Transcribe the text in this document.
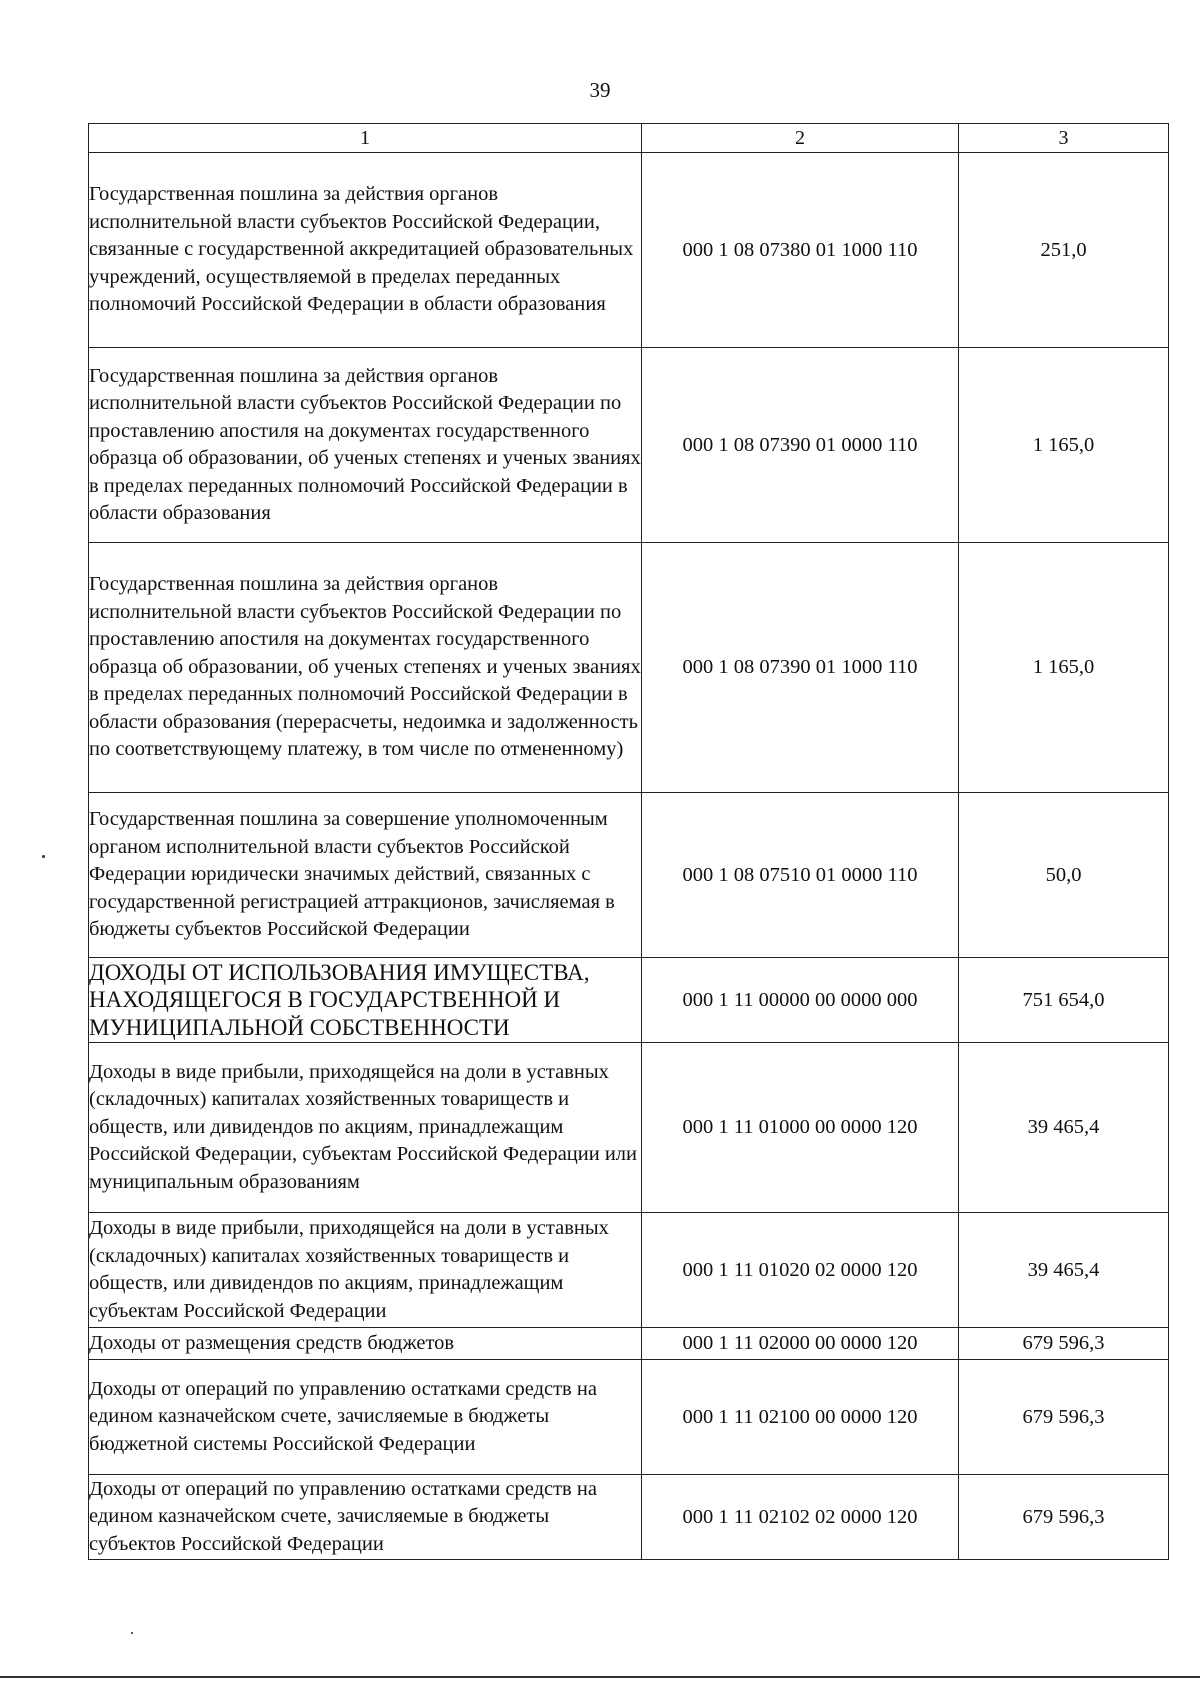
39
1	2	3
Государственная пошлина за действия органов исполнительной власти субъектов Российской Федерации, связанные с государственной аккредитацией образовательных учреждений, осуществляемой в пределах переданных полномочий Российской Федерации в области образования	000 1 08 07380 01 1000 110	251,0
Государственная пошлина за действия органов исполнительной власти субъектов Российской Федерации по проставлению апостиля на документах государственного образца об образовании, об ученых степенях и ученых званиях в пределах переданных полномочий Российской Федерации в области образования	000 1 08 07390 01 0000 110	1 165,0
Государственная пошлина за действия органов исполнительной власти субъектов Российской Федерации по проставлению апостиля на документах государственного образца об образовании, об ученых степенях и ученых званиях в пределах переданных полномочий Российской Федерации в области образования (перерасчеты, недоимка и задолженность по соответствующему платежу, в том числе по отмененному)	000 1 08 07390 01 1000 110	1 165,0
Государственная пошлина за совершение уполномоченным органом исполнительной власти субъектов Российской Федерации юридически значимых действий, связанных с государственной регистрацией аттракционов, зачисляемая в бюджеты субъектов Российской Федерации	000 1 08 07510 01 0000 110	50,0
ДОХОДЫ ОТ ИСПОЛЬЗОВАНИЯ ИМУЩЕСТВА, НАХОДЯЩЕГОСЯ В ГОСУДАРСТВЕННОЙ И МУНИЦИПАЛЬНОЙ СОБСТВЕННОСТИ	000 1 11 00000 00 0000 000	751 654,0
Доходы в виде прибыли, приходящейся на доли в уставных (складочных) капиталах хозяйственных товариществ и обществ, или дивидендов по акциям, принадлежащим Российской Федерации, субъектам Российской Федерации или муниципальным образованиям	000 1 11 01000 00 0000 120	39 465,4
Доходы в виде прибыли, приходящейся на доли в уставных (складочных) капиталах хозяйственных товариществ и обществ, или дивидендов по акциям, принадлежащим субъектам Российской Федерации	000 1 11 01020 02 0000 120	39 465,4
Доходы от размещения средств бюджетов	000 1 11 02000 00 0000 120	679 596,3
Доходы от операций по управлению остатками средств на едином казначейском счете, зачисляемые в бюджеты бюджетной системы Российской Федерации	000 1 11 02100 00 0000 120	679 596,3
Доходы от операций по управлению остатками средств на едином казначейском счете, зачисляемые в бюджеты субъектов Российской Федерации	000 1 11 02102 02 0000 120	679 596,3
